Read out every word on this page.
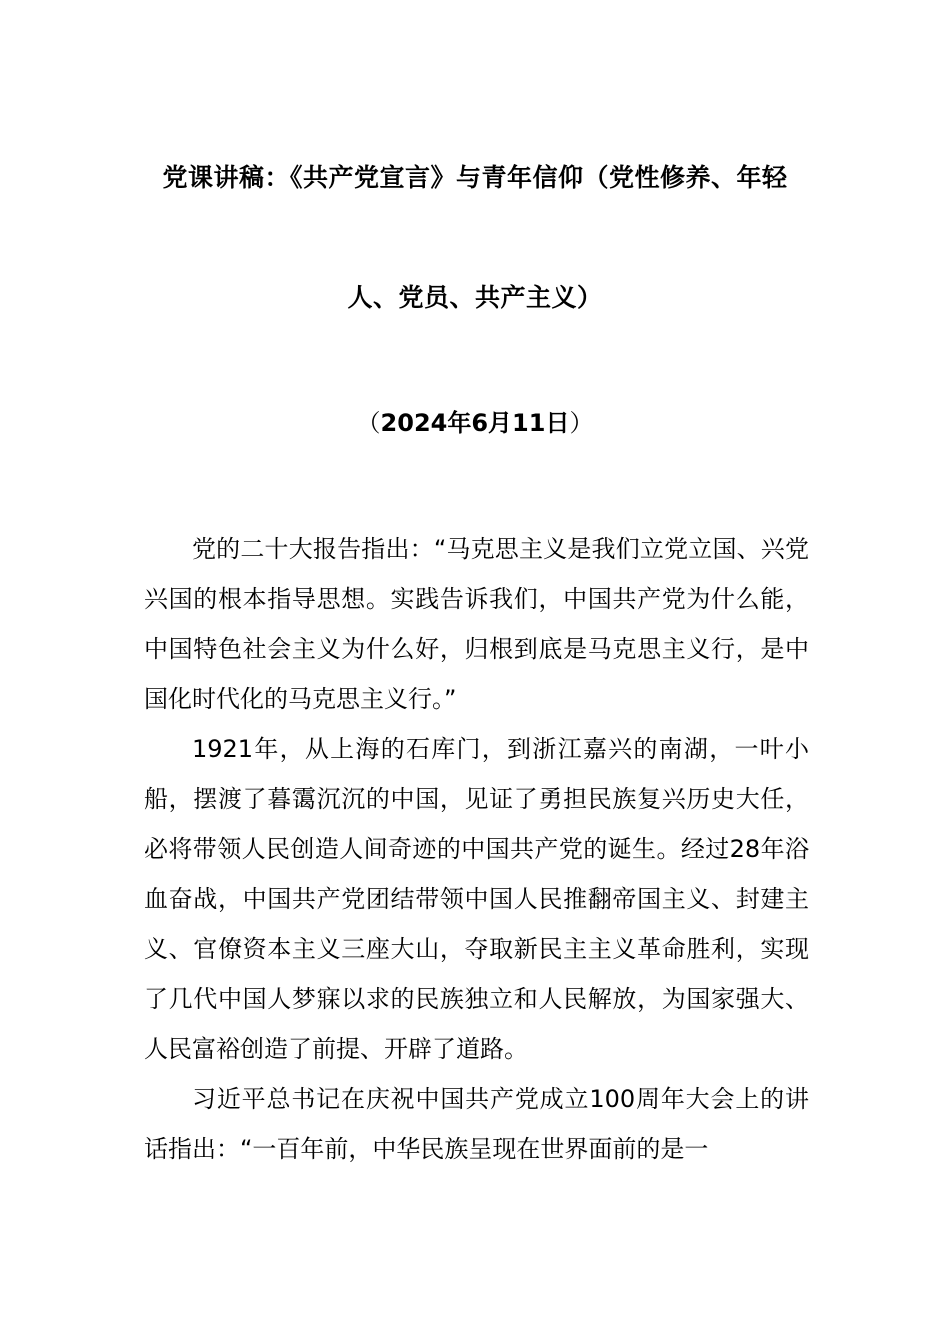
党课讲稿：《共产党宣言》与青年信仰（党性修养、年轻
人、党员、共产主义）
（2024年6月11日）

党的二十大报告指出：“马克思主义是我们立党立国、兴党兴国的根本指导思想。实践告诉我们，中国共产党为什么能，中国特色社会主义为什么好，归根到底是马克思主义行，是中国化时代化的马克思主义行。”

1921年，从上海的石库门，到浙江嘉兴的南湖，一叶小船，摆渡了暮霭沉沉的中国，见证了勇担民族复兴历史大任，必将带领人民创造人间奇迹的中国共产党的诞生。经过28年浴血奋战，中国共产党团结带领中国人民推翻帝国主义、封建主义、官僚资本主义三座大山，夺取新民主主义革命胜利，实现了几代中国人梦寐以求的民族独立和人民解放，为国家强大、人民富裕创造了前提、开辟了道路。

习近平总书记在庆祝中国共产党成立100周年大会上的讲话指出：“一百年前，中华民族呈现在世界面前的是一
